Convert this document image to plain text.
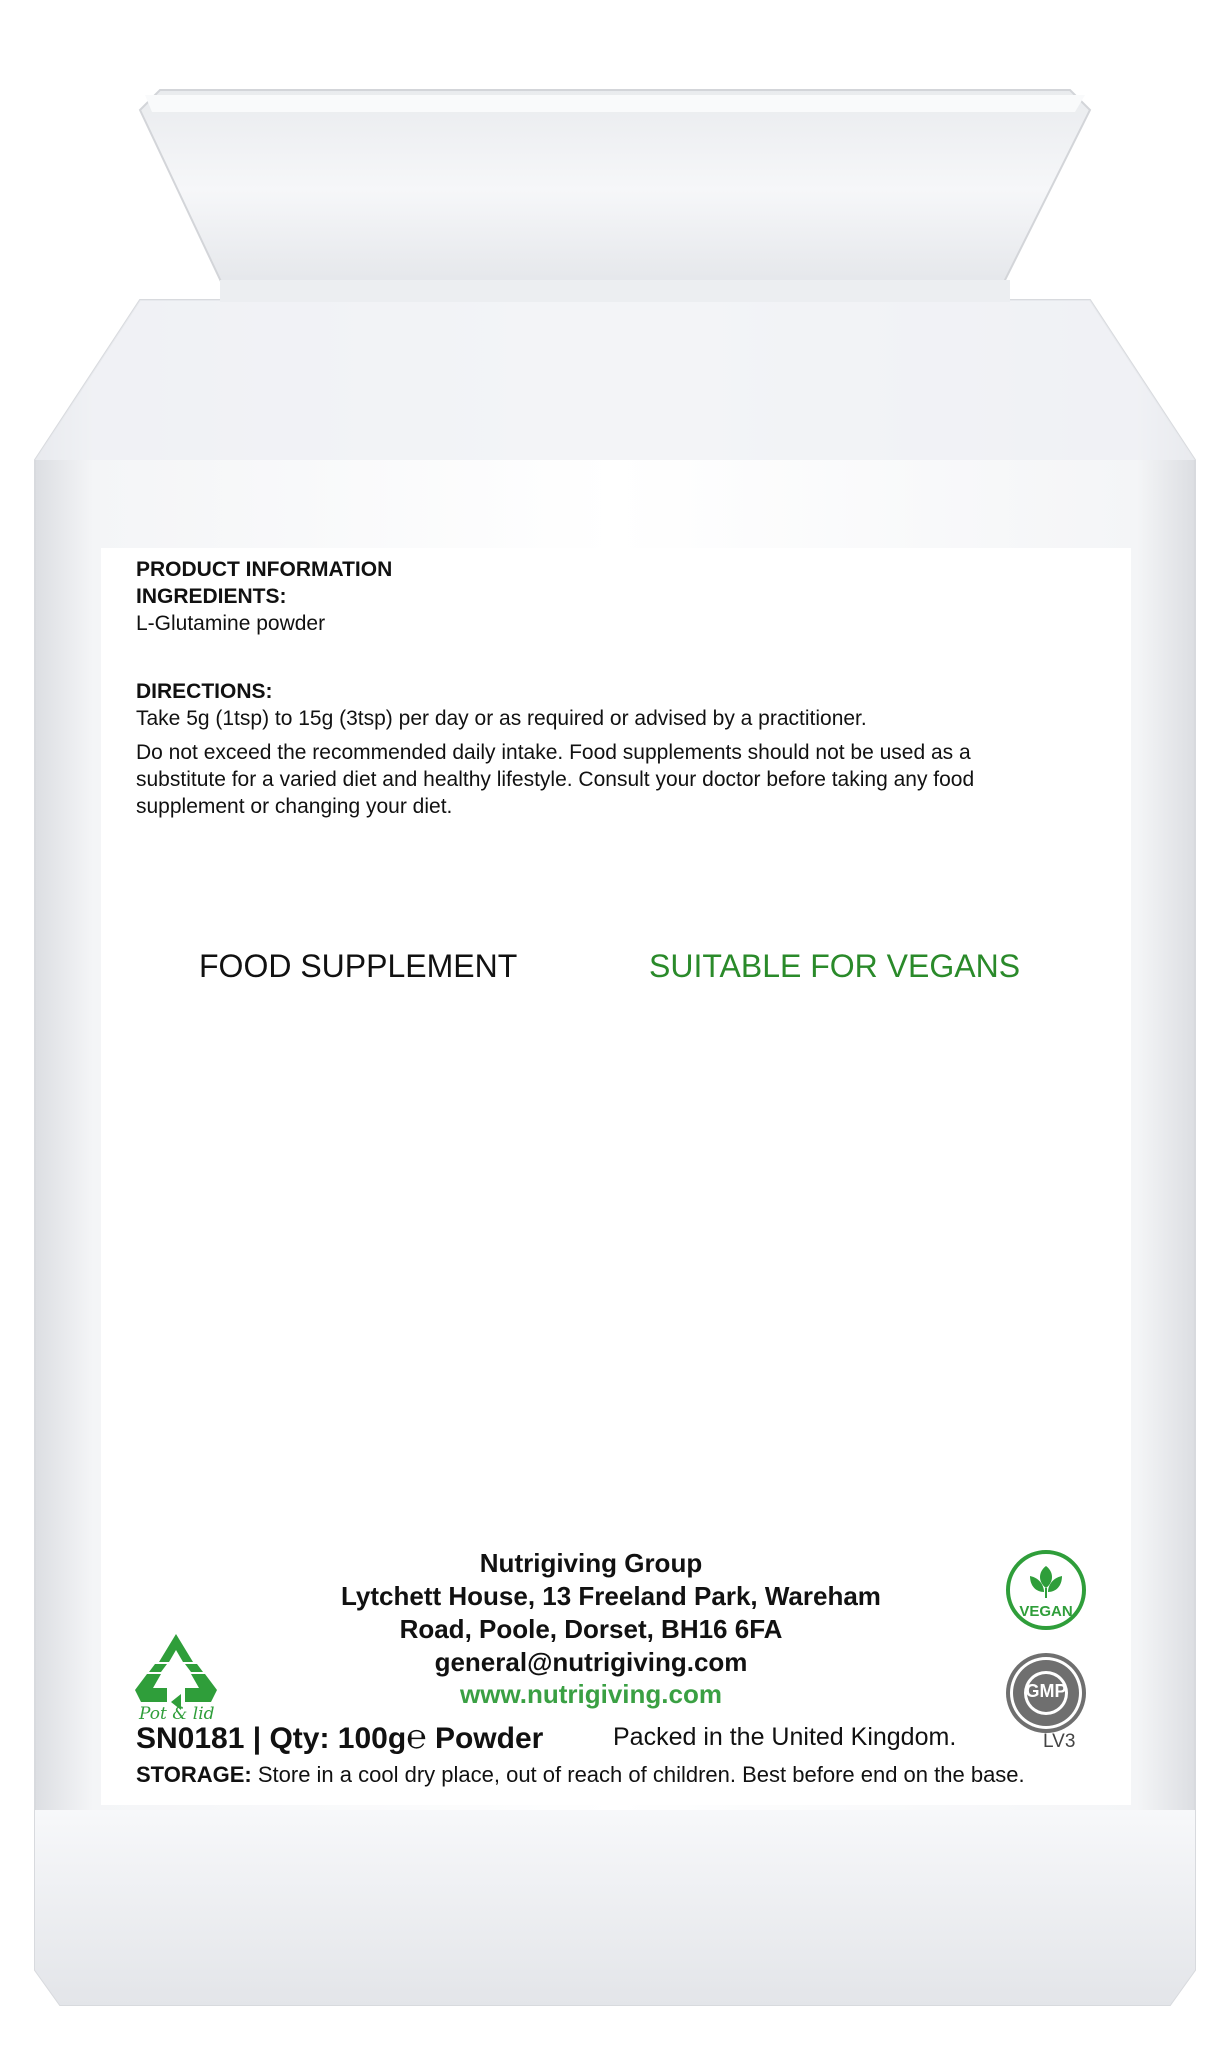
PRODUCT INFORMATION
INGREDIENTS:
L-Glutamine powder
DIRECTIONS:
Take 5g (1tsp) to 15g (3tsp) per day or as required or advised by a practitioner.
Do not exceed the recommended daily intake. Food supplements should not be used as a
substitute for a varied diet and healthy lifestyle. Consult your doctor before taking any food
supplement or changing your diet.
FOOD SUPPLEMENT	SUITABLE FOR VEGANS
Nutrigiving Group
Lytchett House, 13 Freeland Park, Wareham
Road, Poole, Dorset, BH16 6FA
general@nutrigiving.com
www.nutrigiving.com
Pot & lid
VEGAN
GMP
SN0181 | Qty: 100g℮ Powder	Packed in the United Kingdom.	LV3
STORAGE: Store in a cool dry place, out of reach of children. Best before end on the base.
